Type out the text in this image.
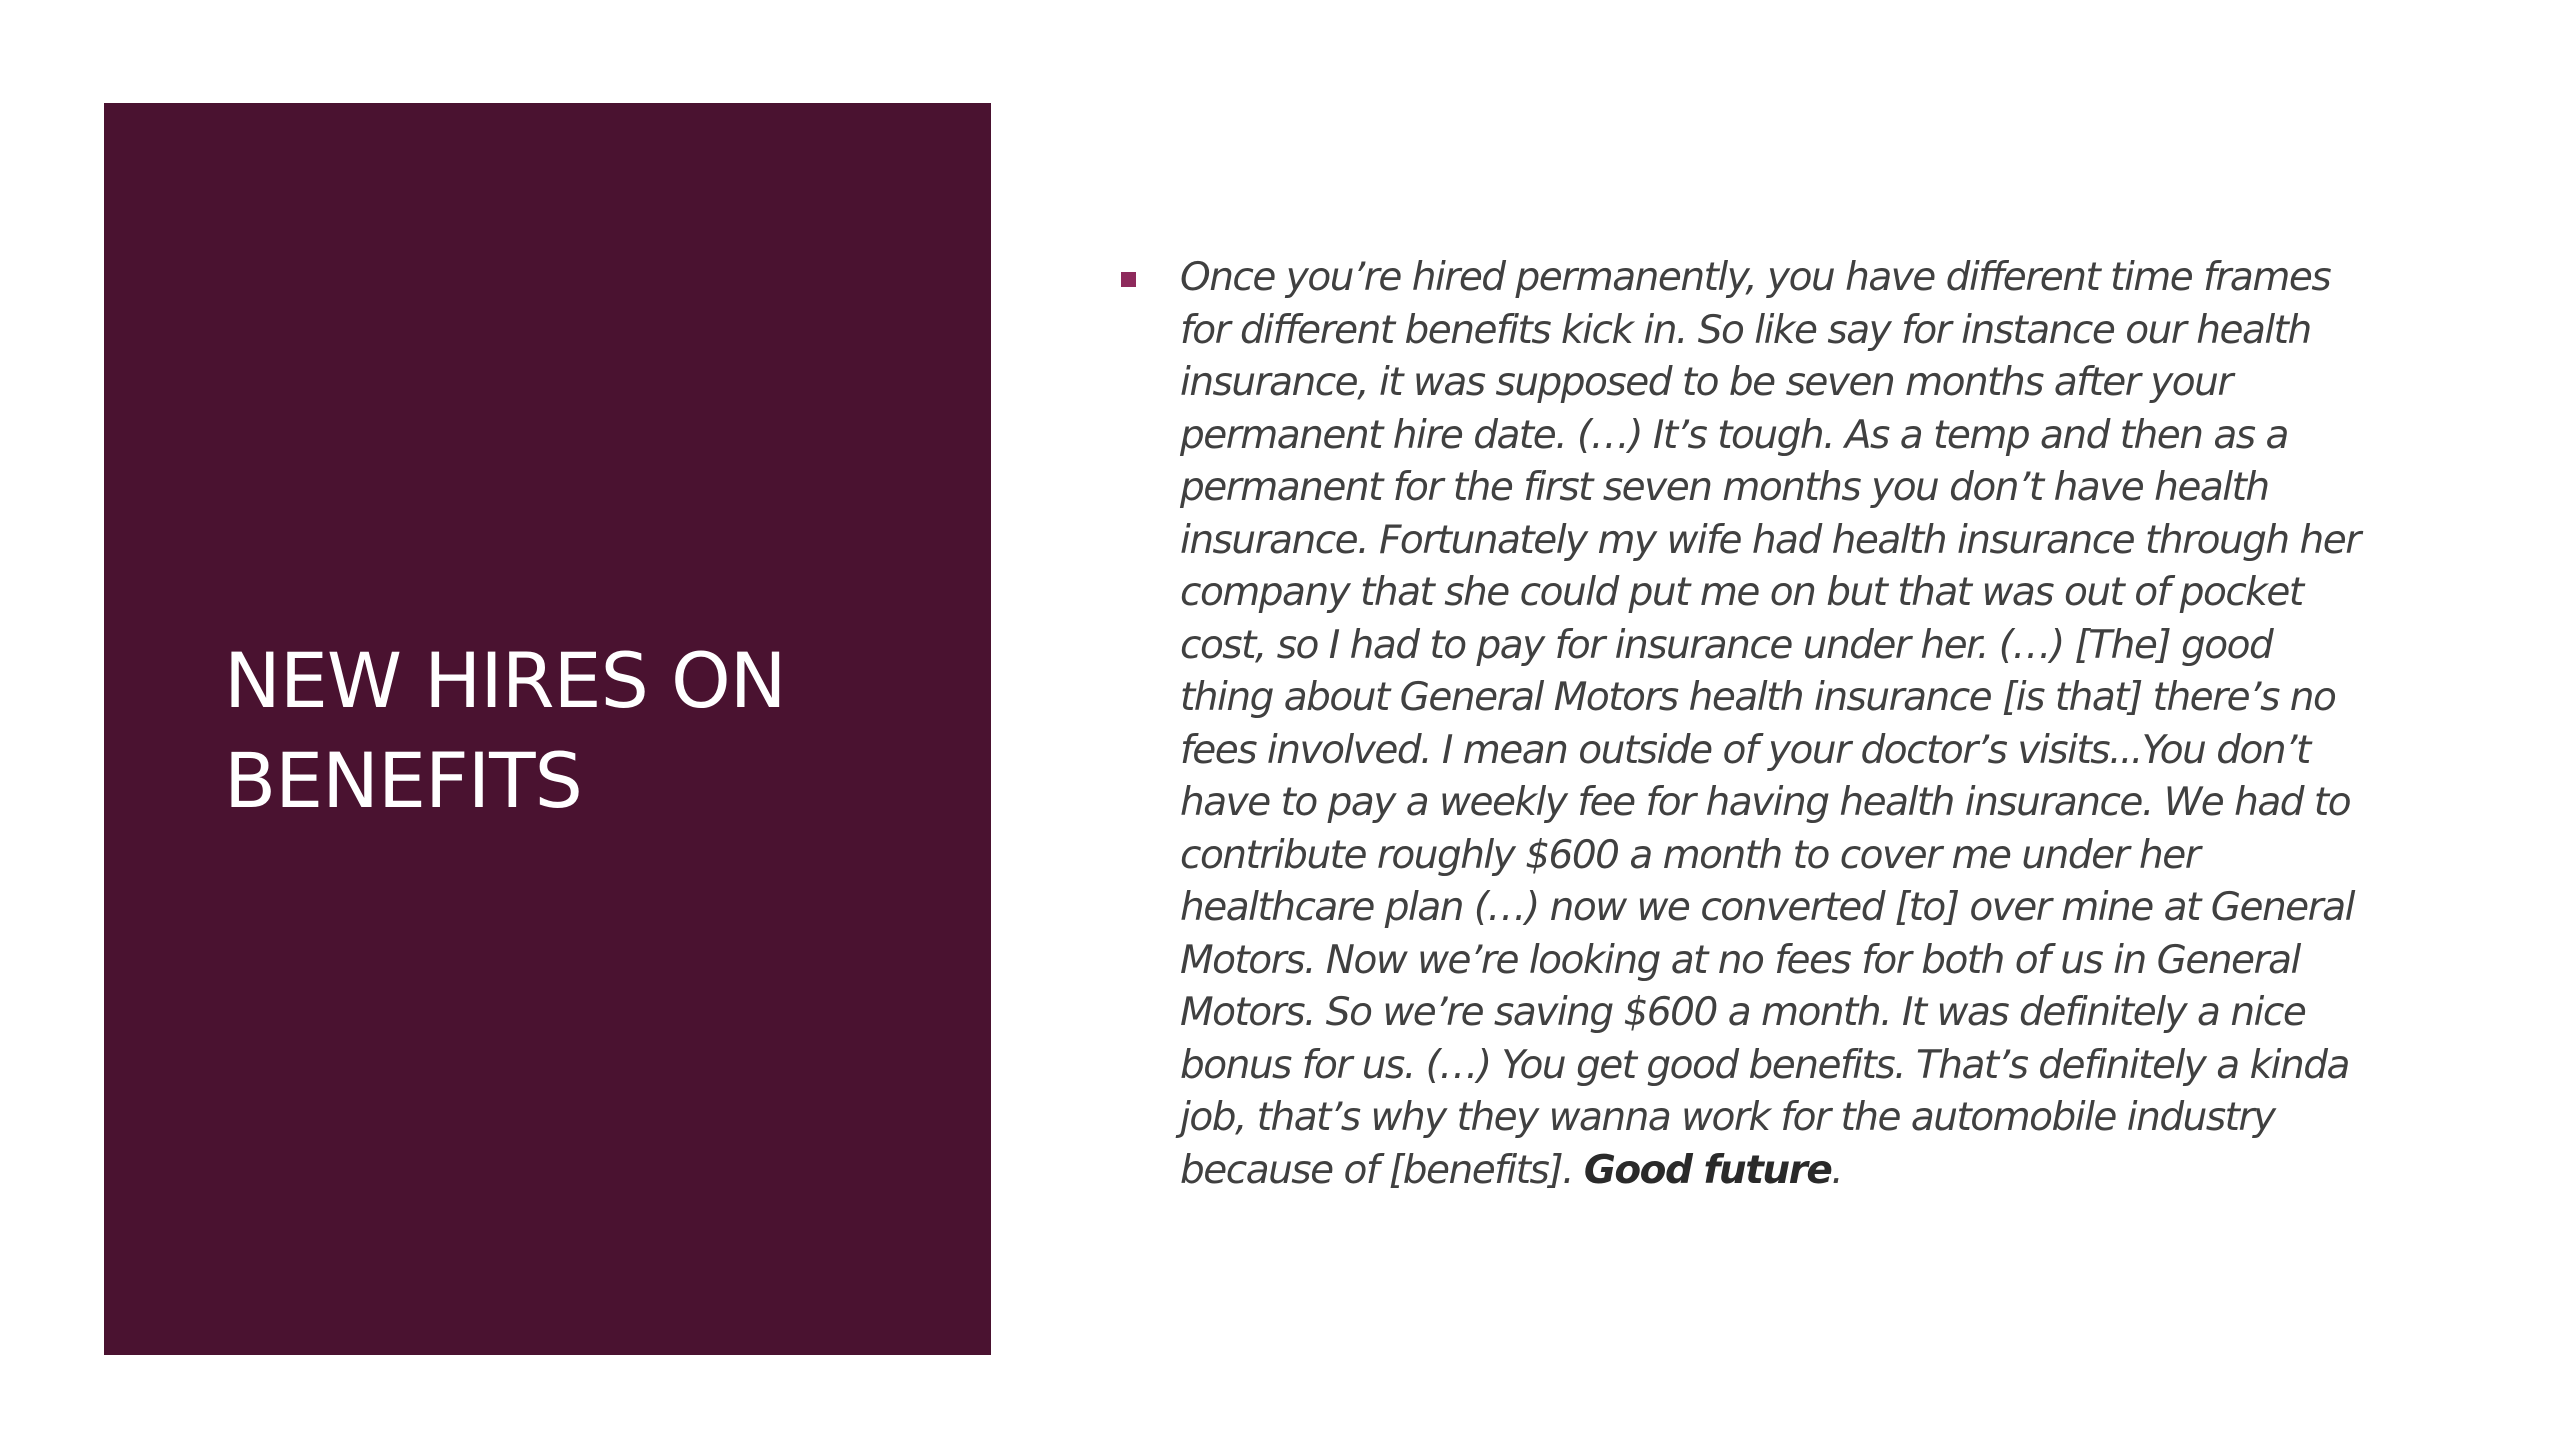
NEW HIRES ON BENEFITS

Once you’re hired permanently, you have different time frames
for different benefits kick in. So like say for instance our health
insurance, it was supposed to be seven months after your
permanent hire date. (…) It’s tough. As a temp and then as a
permanent for the first seven months you don’t have health
insurance. Fortunately my wife had health insurance through her
company that she could put me on but that was out of pocket
cost, so I had to pay for insurance under her. (…) [The] good
thing about General Motors health insurance [is that] there’s no
fees involved. I mean outside of your doctor’s visits...You don’t
have to pay a weekly fee for having health insurance. We had to
contribute roughly $600 a month to cover me under her
healthcare plan (…) now we converted [to] over mine at General
Motors. Now we’re looking at no fees for both of us in General
Motors. So we’re saving $600 a month. It was definitely a nice
bonus for us. (…) You get good benefits. That’s definitely a kinda
job, that’s why they wanna work for the automobile industry
because of [benefits]. Good future.
